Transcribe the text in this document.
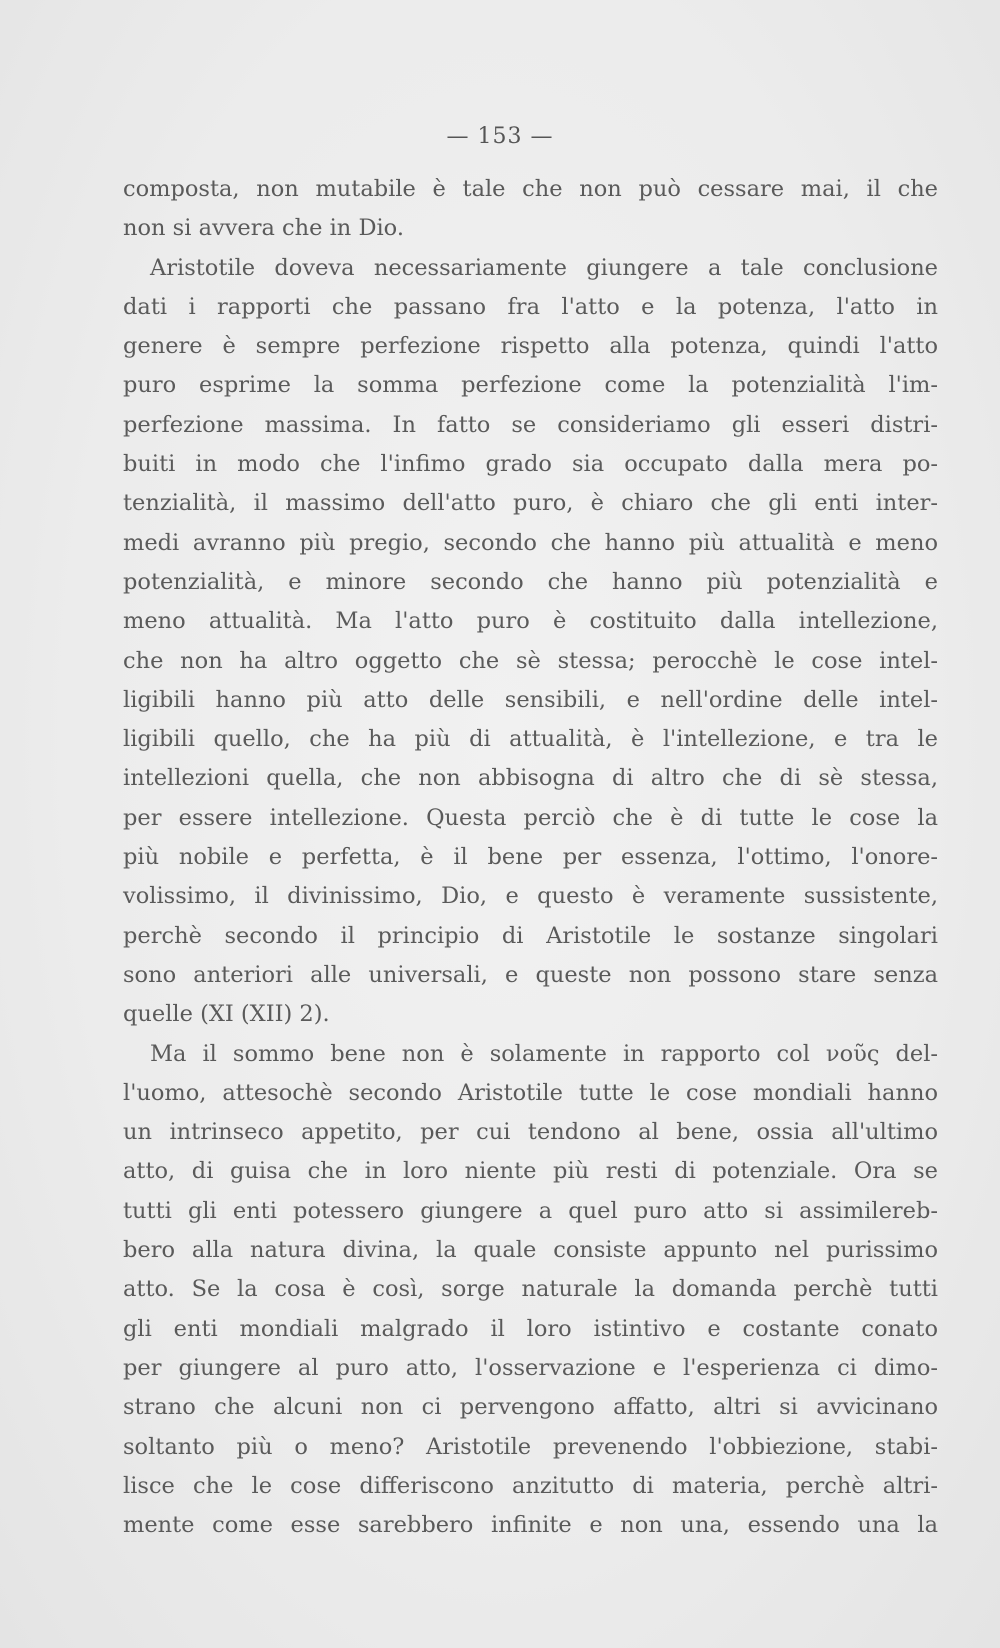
— 153 —
composta, non mutabile è tale che non può cessare mai, il che
non si avvera che in Dio.
Aristotile doveva necessariamente giungere a tale conclusione
dati i rapporti che passano fra l'atto e la potenza, l'atto in
genere è sempre perfezione rispetto alla potenza, quindi l'atto
puro esprime la somma perfezione come la potenzialità l'im-
perfezione massima. In fatto se consideriamo gli esseri distri-
buiti in modo che l'infimo grado sia occupato dalla mera po-
tenzialità, il massimo dell'atto puro, è chiaro che gli enti inter-
medi avranno più pregio, secondo che hanno più attualità e meno
potenzialità, e minore secondo che hanno più potenzialità e
meno attualità. Ma l'atto puro è costituito dalla intellezione,
che non ha altro oggetto che sè stessa; perocchè le cose intel-
ligibili hanno più atto delle sensibili, e nell'ordine delle intel-
ligibili quello, che ha più di attualità, è l'intellezione, e tra le
intellezioni quella, che non abbisogna di altro che di sè stessa,
per essere intellezione. Questa perciò che è di tutte le cose la
più nobile e perfetta, è il bene per essenza, l'ottimo, l'onore-
volissimo, il divinissimo, Dio, e questo è veramente sussistente,
perchè secondo il principio di Aristotile le sostanze singolari
sono anteriori alle universali, e queste non possono stare senza
quelle (XI (XII) 2).
Ma il sommo bene non è solamente in rapporto col νοῦς del-
l'uomo, attesochè secondo Aristotile tutte le cose mondiali hanno
un intrinseco appetito, per cui tendono al bene, ossia all'ultimo
atto, di guisa che in loro niente più resti di potenziale. Ora se
tutti gli enti potessero giungere a quel puro atto si assimilereb-
bero alla natura divina, la quale consiste appunto nel purissimo
atto. Se la cosa è così, sorge naturale la domanda perchè tutti
gli enti mondiali malgrado il loro istintivo e costante conato
per giungere al puro atto, l'osservazione e l'esperienza ci dimo-
strano che alcuni non ci pervengono affatto, altri si avvicinano
soltanto più o meno? Aristotile prevenendo l'obbiezione, stabi-
lisce che le cose differiscono anzitutto di materia, perchè altri-
mente come esse sarebbero infinite e non una, essendo una la
